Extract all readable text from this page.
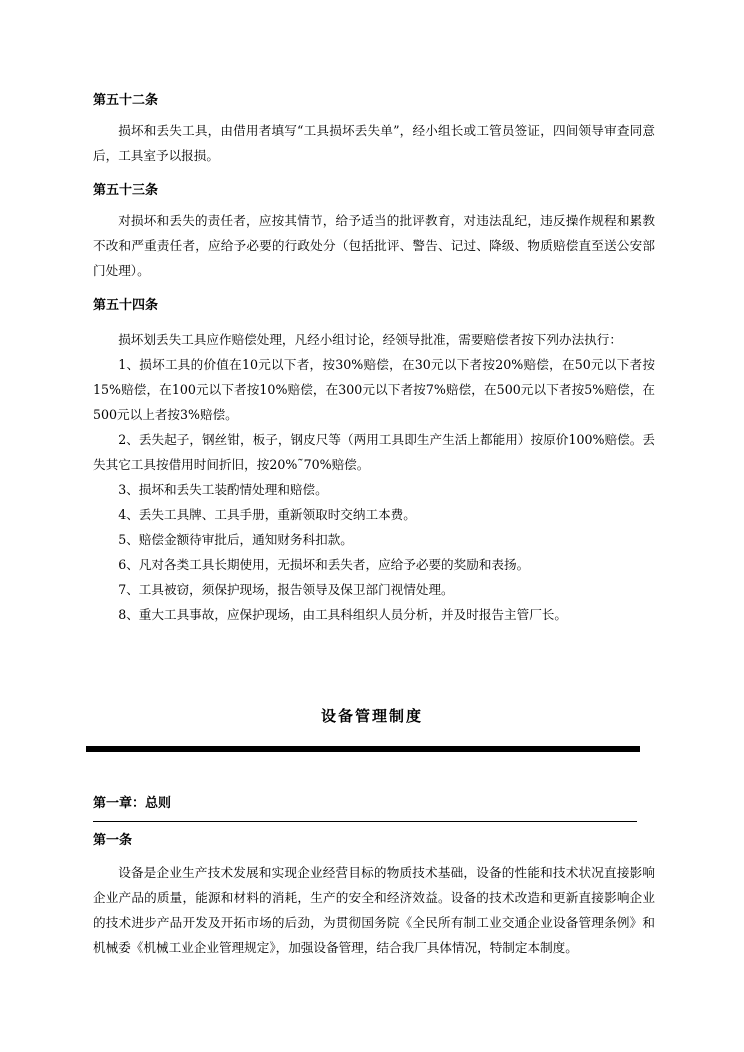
第五十二条

损坏和丢失工具，由借用者填写“工具损坏丢失单”，经小组长或工管员签证，四间领导审查同意后，工具室予以报损。

第五十三条

对损坏和丢失的责任者，应按其情节，给予适当的批评教育，对违法乱纪，违反操作规程和累教不改和严重责任者，应给予必要的行政处分（包括批评、警告、记过、降级、物质赔偿直至送公安部门处理）。

第五十四条

损坏划丢失工具应作赔偿处理，凡经小组讨论，经领导批准，需要赔偿者按下列办法执行：

1、损坏工具的价值在10元以下者，按30%赔偿，在30元以下者按20%赔偿，在50元以下者按15%赔偿，在100元以下者按10%赔偿，在300元以下者按7%赔偿，在500元以下者按5%赔偿，在500元以上者按3%赔偿。

2、丢失起子，钢丝钳，板子，钢皮尺等（两用工具即生产生活上都能用）按原价100%赔偿。丢失其它工具按借用时间折旧，按20%˜70%赔偿。

3、损坏和丢失工装酌情处理和赔偿。

4、丢失工具牌、工具手册，重新领取时交纳工本费。

5、赔偿金额待审批后，通知财务科扣款。

6、凡对各类工具长期使用，无损坏和丢失者，应给予必要的奖励和表扬。

7、工具被窃，须保护现场，报告领导及保卫部门视情处理。

8、重大工具事故，应保护现场，由工具科组织人员分析，并及时报告主管厂长。

设备管理制度
第一章：总则
第一条

设备是企业生产技术发展和实现企业经营目标的物质技术基础，设备的性能和技术状况直接影响企业产品的质量，能源和材料的消耗，生产的安全和经济效益。设备的技术改造和更新直接影响企业的技术进步产品开发及开拓市场的后劲，为贯彻国务院《全民所有制工业交通企业设备管理条例》和机械委《机械工业企业管理规定》，加强设备管理，结合我厂具体情况，特制定本制度。
